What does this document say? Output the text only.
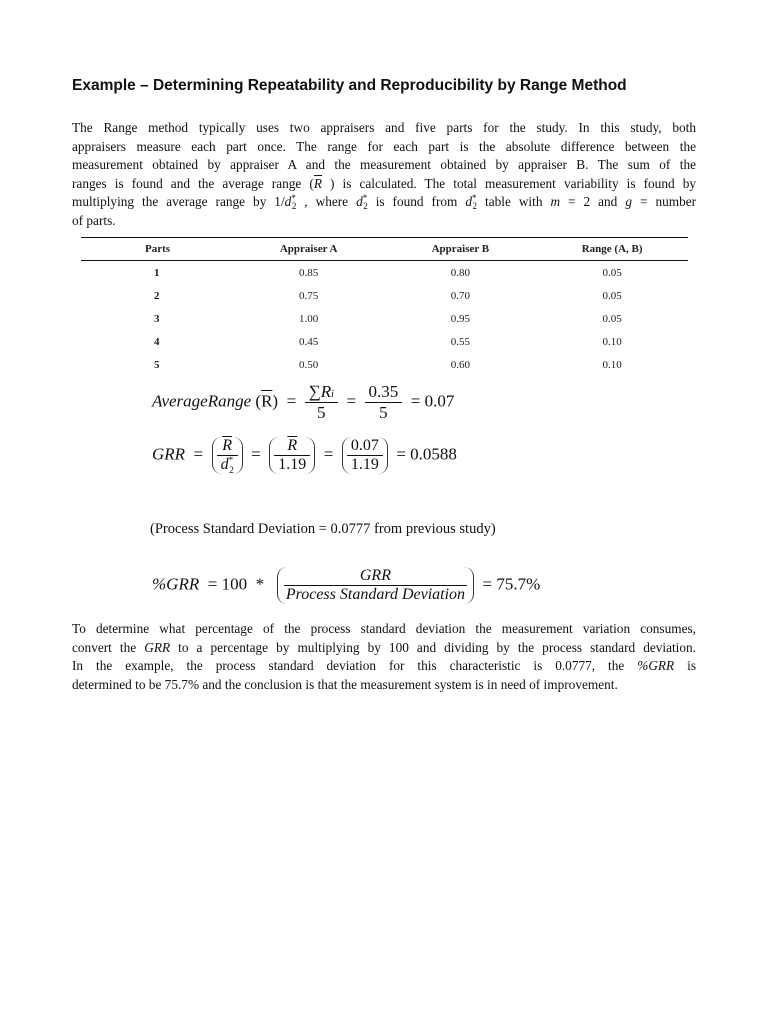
Example – Determining Repeatability and Reproducibility by Range Method
The Range method typically uses two appraisers and five parts for the study. In this study, both
appraisers measure each part once. The range for each part is the absolute difference between the
measurement obtained by appraiser A and the measurement obtained by appraiser B. The sum of the
ranges is found and the average range ($\overline{R}$ ) is calculated. The total measurement variability is found by
multiplying the average range by $1/d^*_2$ , where $d^*_2$ is found from $d^*_2$ table with m = 2 and g = number
of parts.
Parts	Appraiser A	Appraiser B	Range (A, B)
1	0.85	0.80	0.05
2	0.75	0.70	0.05
3	1.00	0.95	0.05
4	0.45	0.55	0.10
5	0.50	0.60	0.10
AverageRange $(\overline{R}) = \frac{\sum Ri}{5} = \frac{0.35}{5} = 0.07$
GRR  = $\frac{\overline{R}}{d^*_2} = \frac{\overline{R}}{1.19} = \frac{0.07}{1.19} = 0.0588$
(Process Standard Deviation = 0.0777 from previous study)
$\%GRR = 100 * \frac{\text{GRR}}{\text{Process Standard Deviation}} = 75.7\%$
To determine what percentage of the process standard deviation the measurement variation consumes,
convert the GRR to a percentage by multiplying by 100 and dividing by the process standard deviation.
In the example, the process standard deviation for this characteristic is 0.0777, the %GRR is
determined to be 75.7% and the conclusion is that the measurement system is in need of improvement.
